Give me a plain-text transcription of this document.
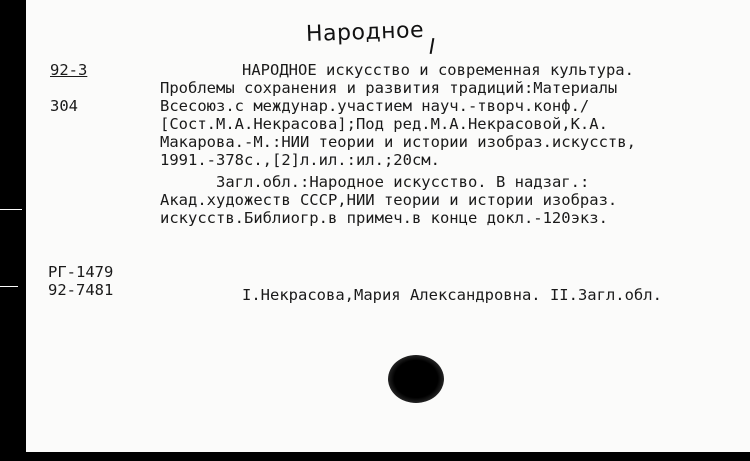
Народное
92-3
304
НАРОДНОЕ искусство и современная культура.
Проблемы сохранения и развития традиций:Материалы
Всесоюз.с междунар.участием науч.-творч.конф./
[Сост.М.А.Некрасова];Под ред.М.А.Некрасовой,К.А.
Макарова.-М.:НИИ теории и истории изобраз.искусств,
1991.-378с.,[2]л.ил.:ил.;20см.
Загл.обл.:Народное искусство. В надзаг.:
Акад.художеств СССР,НИИ теории и истории изобраз.
искусств.Библиогр.в примеч.в конце докл.-120экз.
РГ-1479
92-7481	I.Некрасова,Мария Александровна. II.Загл.обл.
